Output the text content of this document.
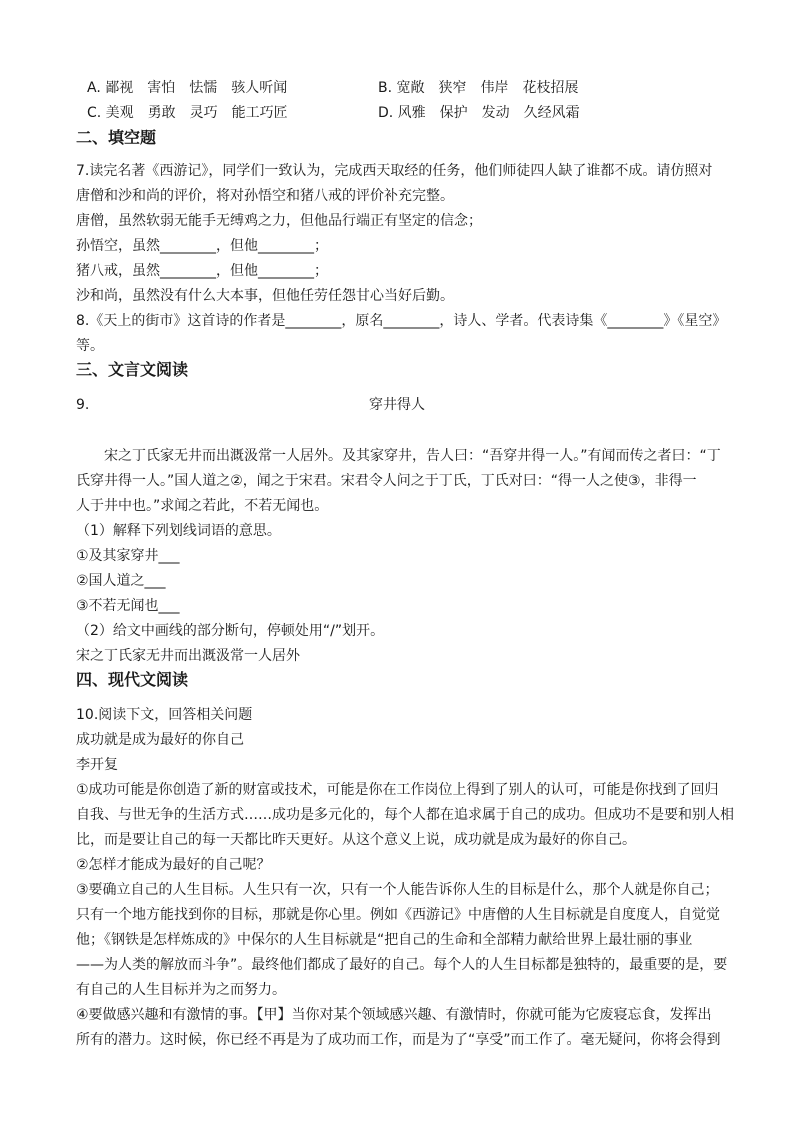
A. 鄙视　害怕　怯懦　骇人听闻	B. 宽敞　狭窄　伟岸　花枝招展
C. 美观　勇敢　灵巧　能工巧匠	D. 风雅　保护　发动　久经风霜
二、填空题
7.读完名著《西游记》，同学们一致认为，完成西天取经的任务，他们师徒四人缺了谁都不成。请仿照对
唐僧和沙和尚的评价，将对孙悟空和猪八戒的评价补充完整。
唐僧，虽然软弱无能手无缚鸡之力，但他品行端正有坚定的信念；
孙悟空，虽然________，但他________；
猪八戒，虽然________，但他________；
沙和尚，虽然没有什么大本事，但他任劳任怨甘心当好后勤。
8.《天上的街市》这首诗的作者是________，原名________，诗人、学者。代表诗集《________》《星空》
等。
三、文言文阅读
9.	穿井得人
宋之丁氏家无井而出溉汲常一人居外。及其家穿井，告人曰：“吾穿井得一人。”有闻而传之者曰：“丁
氏穿井得一人。”国人道之②，闻之于宋君。宋君令人问之于丁氏，丁氏对曰：“得一人之使③，非得一
人于井中也。”求闻之若此，不若无闻也。
（1）解释下列划线词语的意思。
①及其家穿井___
②国人道之___
③不若无闻也___
（2）给文中画线的部分断句，停顿处用“/”划开。
宋之丁氏家无井而出溉汲常一人居外
四、现代文阅读
10.阅读下文，回答相关问题
成功就是成为最好的你自己
李开复
①成功可能是你创造了新的财富或技术，可能是你在工作岗位上得到了别人的认可，可能是你找到了回归
自我、与世无争的生活方式……成功是多元化的，每个人都在追求属于自己的成功。但成功不是要和别人相
比，而是要让自己的每一天都比昨天更好。从这个意义上说，成功就是成为最好的你自己。
②怎样才能成为最好的自己呢？
③要确立自己的人生目标。人生只有一次，只有一个人能告诉你人生的目标是什么，那个人就是你自己；
只有一个地方能找到你的目标，那就是你心里。例如《西游记》中唐僧的人生目标就是自度度人，自觉觉
他；《钢铁是怎样炼成的》中保尔的人生目标就是“把自己的生命和全部精力献给世界上最壮丽的事业
——为人类的解放而斗争”。最终他们都成了最好的自己。每个人的人生目标都是独特的，最重要的是，要
有自己的人生目标并为之而努力。
④要做感兴趣和有激情的事。【甲】当你对某个领域感兴趣、有激情时，你就可能为它废寝忘食，发挥出
所有的潜力。这时候，你已经不再是为了成功而工作，而是为了“享受”而工作了。毫无疑问，你将会得到
